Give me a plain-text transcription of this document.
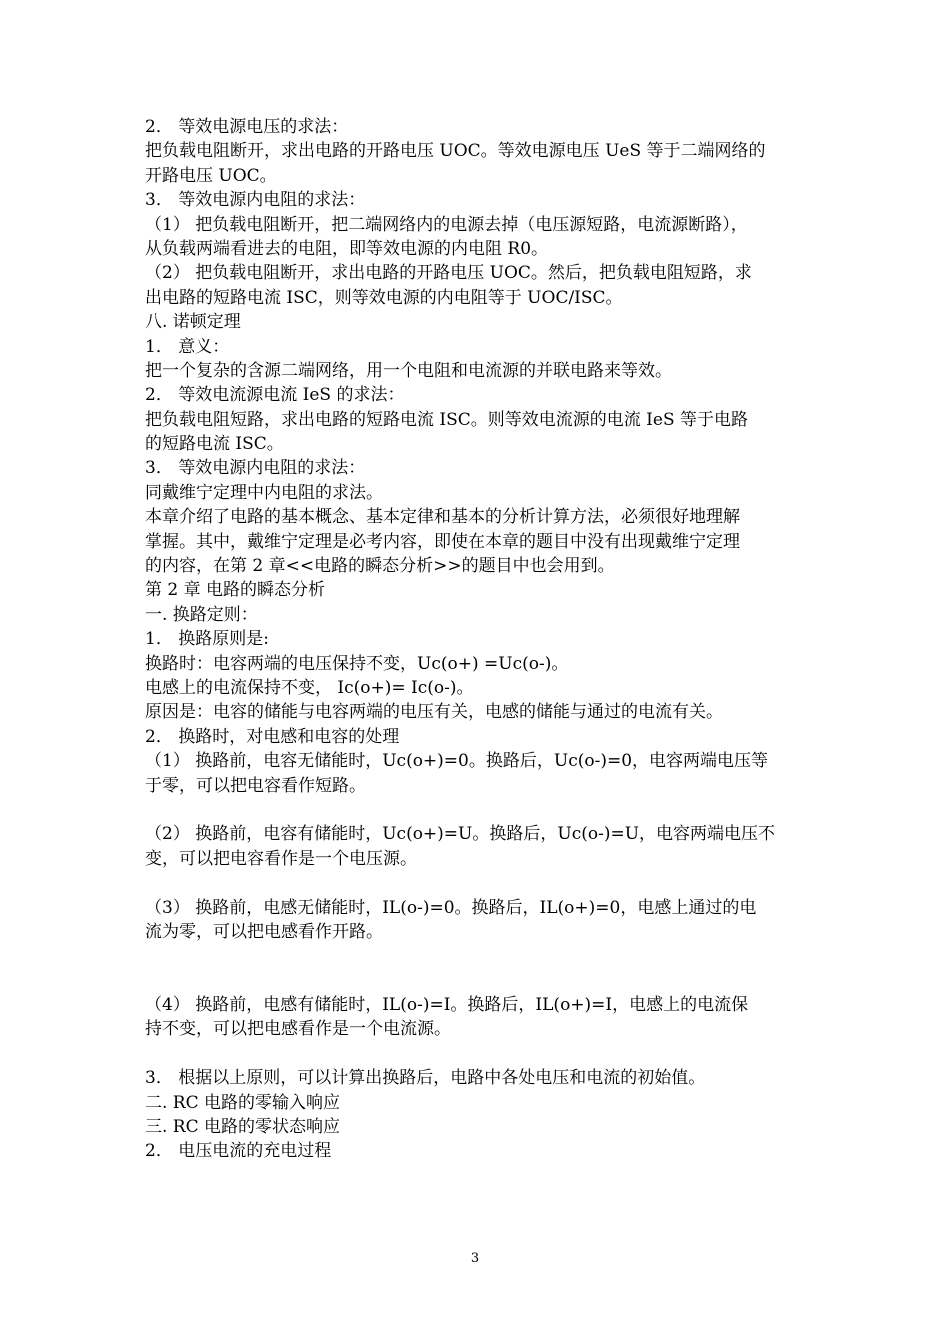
2． 等效电源电压的求法：
把负载电阻断开，求出电路的开路电压 UOC。等效电源电压 UeS 等于二端网络的
开路电压 UOC。
3． 等效电源内电阻的求法：
（1） 把负载电阻断开，把二端网络内的电源去掉（电压源短路，电流源断路），
从负载两端看进去的电阻，即等效电源的内电阻 R0。
（2） 把负载电阻断开，求出电路的开路电压 UOC。然后，把负载电阻短路，求
出电路的短路电流 ISC，则等效电源的内电阻等于 UOC/ISC。
八. 诺顿定理
1． 意义：
把一个复杂的含源二端网络，用一个电阻和电流源的并联电路来等效。
2． 等效电流源电流 IeS 的求法：
把负载电阻短路，求出电路的短路电流 ISC。则等效电流源的电流 IeS 等于电路
的短路电流 ISC。
3． 等效电源内电阻的求法：
同戴维宁定理中内电阻的求法。
本章介绍了电路的基本概念、基本定律和基本的分析计算方法，必须很好地理解
掌握。其中，戴维宁定理是必考内容，即使在本章的题目中没有出现戴维宁定理
的内容，在第 2 章<<电路的瞬态分析>>的题目中也会用到。
第 2 章 电路的瞬态分析
一. 换路定则：
1． 换路原则是:
换路时：电容两端的电压保持不变，Uc(o+) =Uc(o-)。
电感上的电流保持不变， Ic(o+)= Ic(o-)。
原因是：电容的储能与电容两端的电压有关，电感的储能与通过的电流有关。
2． 换路时，对电感和电容的处理
（1） 换路前，电容无储能时，Uc(o+)=0。换路后，Uc(o-)=0，电容两端电压等
于零，可以把电容看作短路。
（2） 换路前，电容有储能时，Uc(o+)=U。换路后，Uc(o-)=U，电容两端电压不
变，可以把电容看作是一个电压源。
（3） 换路前，电感无储能时，IL(o-)=0。换路后，IL(o+)=0，电感上通过的电
流为零，可以把电感看作开路。
（4） 换路前，电感有储能时，IL(o-)=I。换路后，IL(o+)=I，电感上的电流保
持不变，可以把电感看作是一个电流源。
3． 根据以上原则，可以计算出换路后，电路中各处电压和电流的初始值。
二. RC 电路的零输入响应
三. RC 电路的零状态响应
2． 电压电流的充电过程
3
